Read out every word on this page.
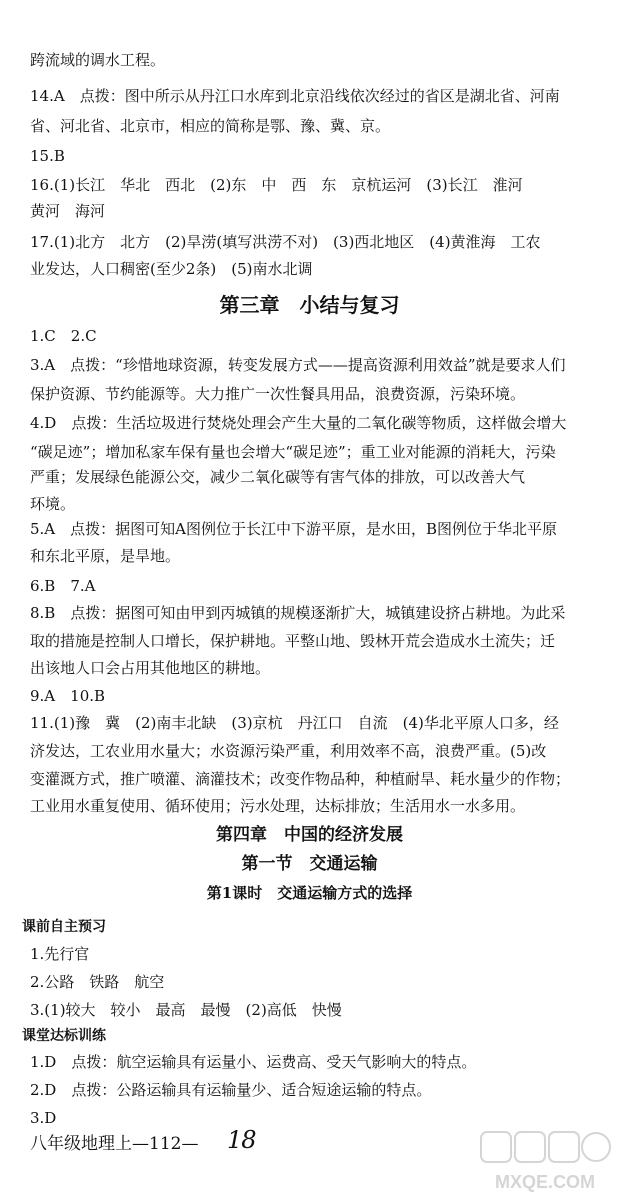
跨流域的调水工程。
14.A　点拨：图中所示从丹江口水库到北京沿线依次经过的省区是湖北省、河南
省、河北省、北京市，相应的简称是鄂、豫、冀、京。
15.B
16.(1)长江　华北　西北　(2)东　中　西　东　京杭运河　(3)长江　淮河
黄河　海河
17.(1)北方　北方　(2)旱涝(填写洪涝不对)　(3)西北地区　(4)黄淮海　工农
业发达，人口稠密(至少2条)　(5)南水北调
第三章　小结与复习
1.C　2.C
3.A　点拨：“珍惜地球资源，转变发展方式——提高资源利用效益”就是要求人们
保护资源、节约能源等。大力推广一次性餐具用品，浪费资源，污染环境。
4.D　点拨：生活垃圾进行焚烧处理会产生大量的二氧化碳等物质，这样做会增大
“碳足迹”；增加私家车保有量也会增大“碳足迹”；重工业对能源的消耗大，污染
严重；发展绿色能源公交，减少二氧化碳等有害气体的排放，可以改善大气
环境。
5.A　点拨：据图可知A图例位于长江中下游平原，是水田，B图例位于华北平原
和东北平原，是旱地。
6.B　7.A
8.B　点拨：据图可知由甲到丙城镇的规模逐渐扩大，城镇建设挤占耕地。为此采
取的措施是控制人口增长，保护耕地。平整山地、毁林开荒会造成水土流失；迁
出该地人口会占用其他地区的耕地。
9.A　10.B
11.(1)豫　冀　(2)南丰北缺　(3)京杭　丹江口　自流　(4)华北平原人口多，经
济发达，工农业用水量大；水资源污染严重，利用效率不高，浪费严重。(5)改
变灌溉方式，推广喷灌、滴灌技术；改变作物品种，种植耐旱、耗水量少的作物；
工业用水重复使用、循环使用；污水处理，达标排放；生活用水一水多用。
第四章　中国的经济发展
第一节　交通运输
第1课时　交通运输方式的选择
课前自主预习
1.先行官
2.公路　铁路　航空
3.(1)较大　较小　最高　最慢　(2)高低　快慢
课堂达标训练
1.D　点拨：航空运输具有运量小、运费高、受天气影响大的特点。
2.D　点拨：公路运输具有运输量少、适合短途运输的特点。
3.D
八年级地理上—112— 18
MXQE.COM
